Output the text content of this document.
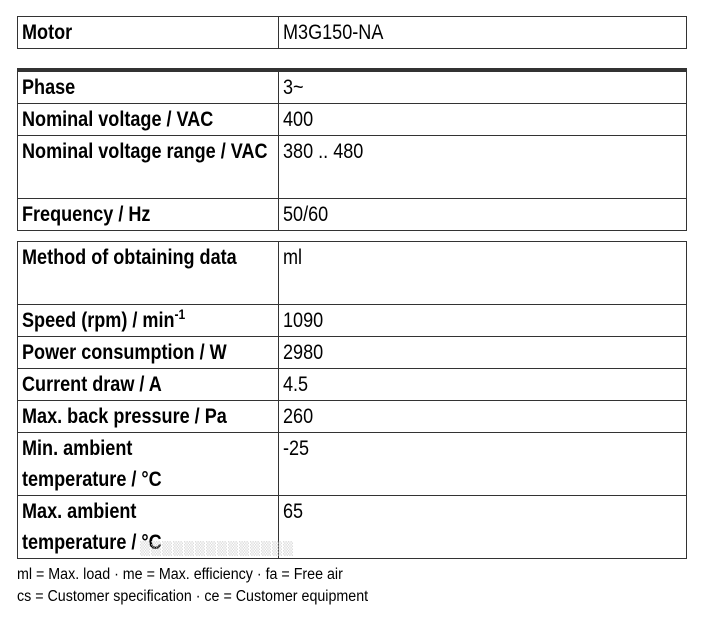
Motor	M3G150-NA
Phase	3~
Nominal voltage / VAC	400

Nominal voltage range / VAC	380 .. 480
Frequency / Hz	50/60
Method of obtaining data	ml
Speed $(rpm) / \min^{-1}$	1090
Power consumption / W	2980
Current draw / A	4.5
Max. back pressure / Pa	260

Min. ambient temperature / °C	-25

Max. ambient temperature / °C	65
▒▒▒▒▒▒▒▒▒▒▒▒▒▒
ml = Max. load · me = Max. efficiency · fa = Free air
cs = Customer specification · ce = Customer equipment
